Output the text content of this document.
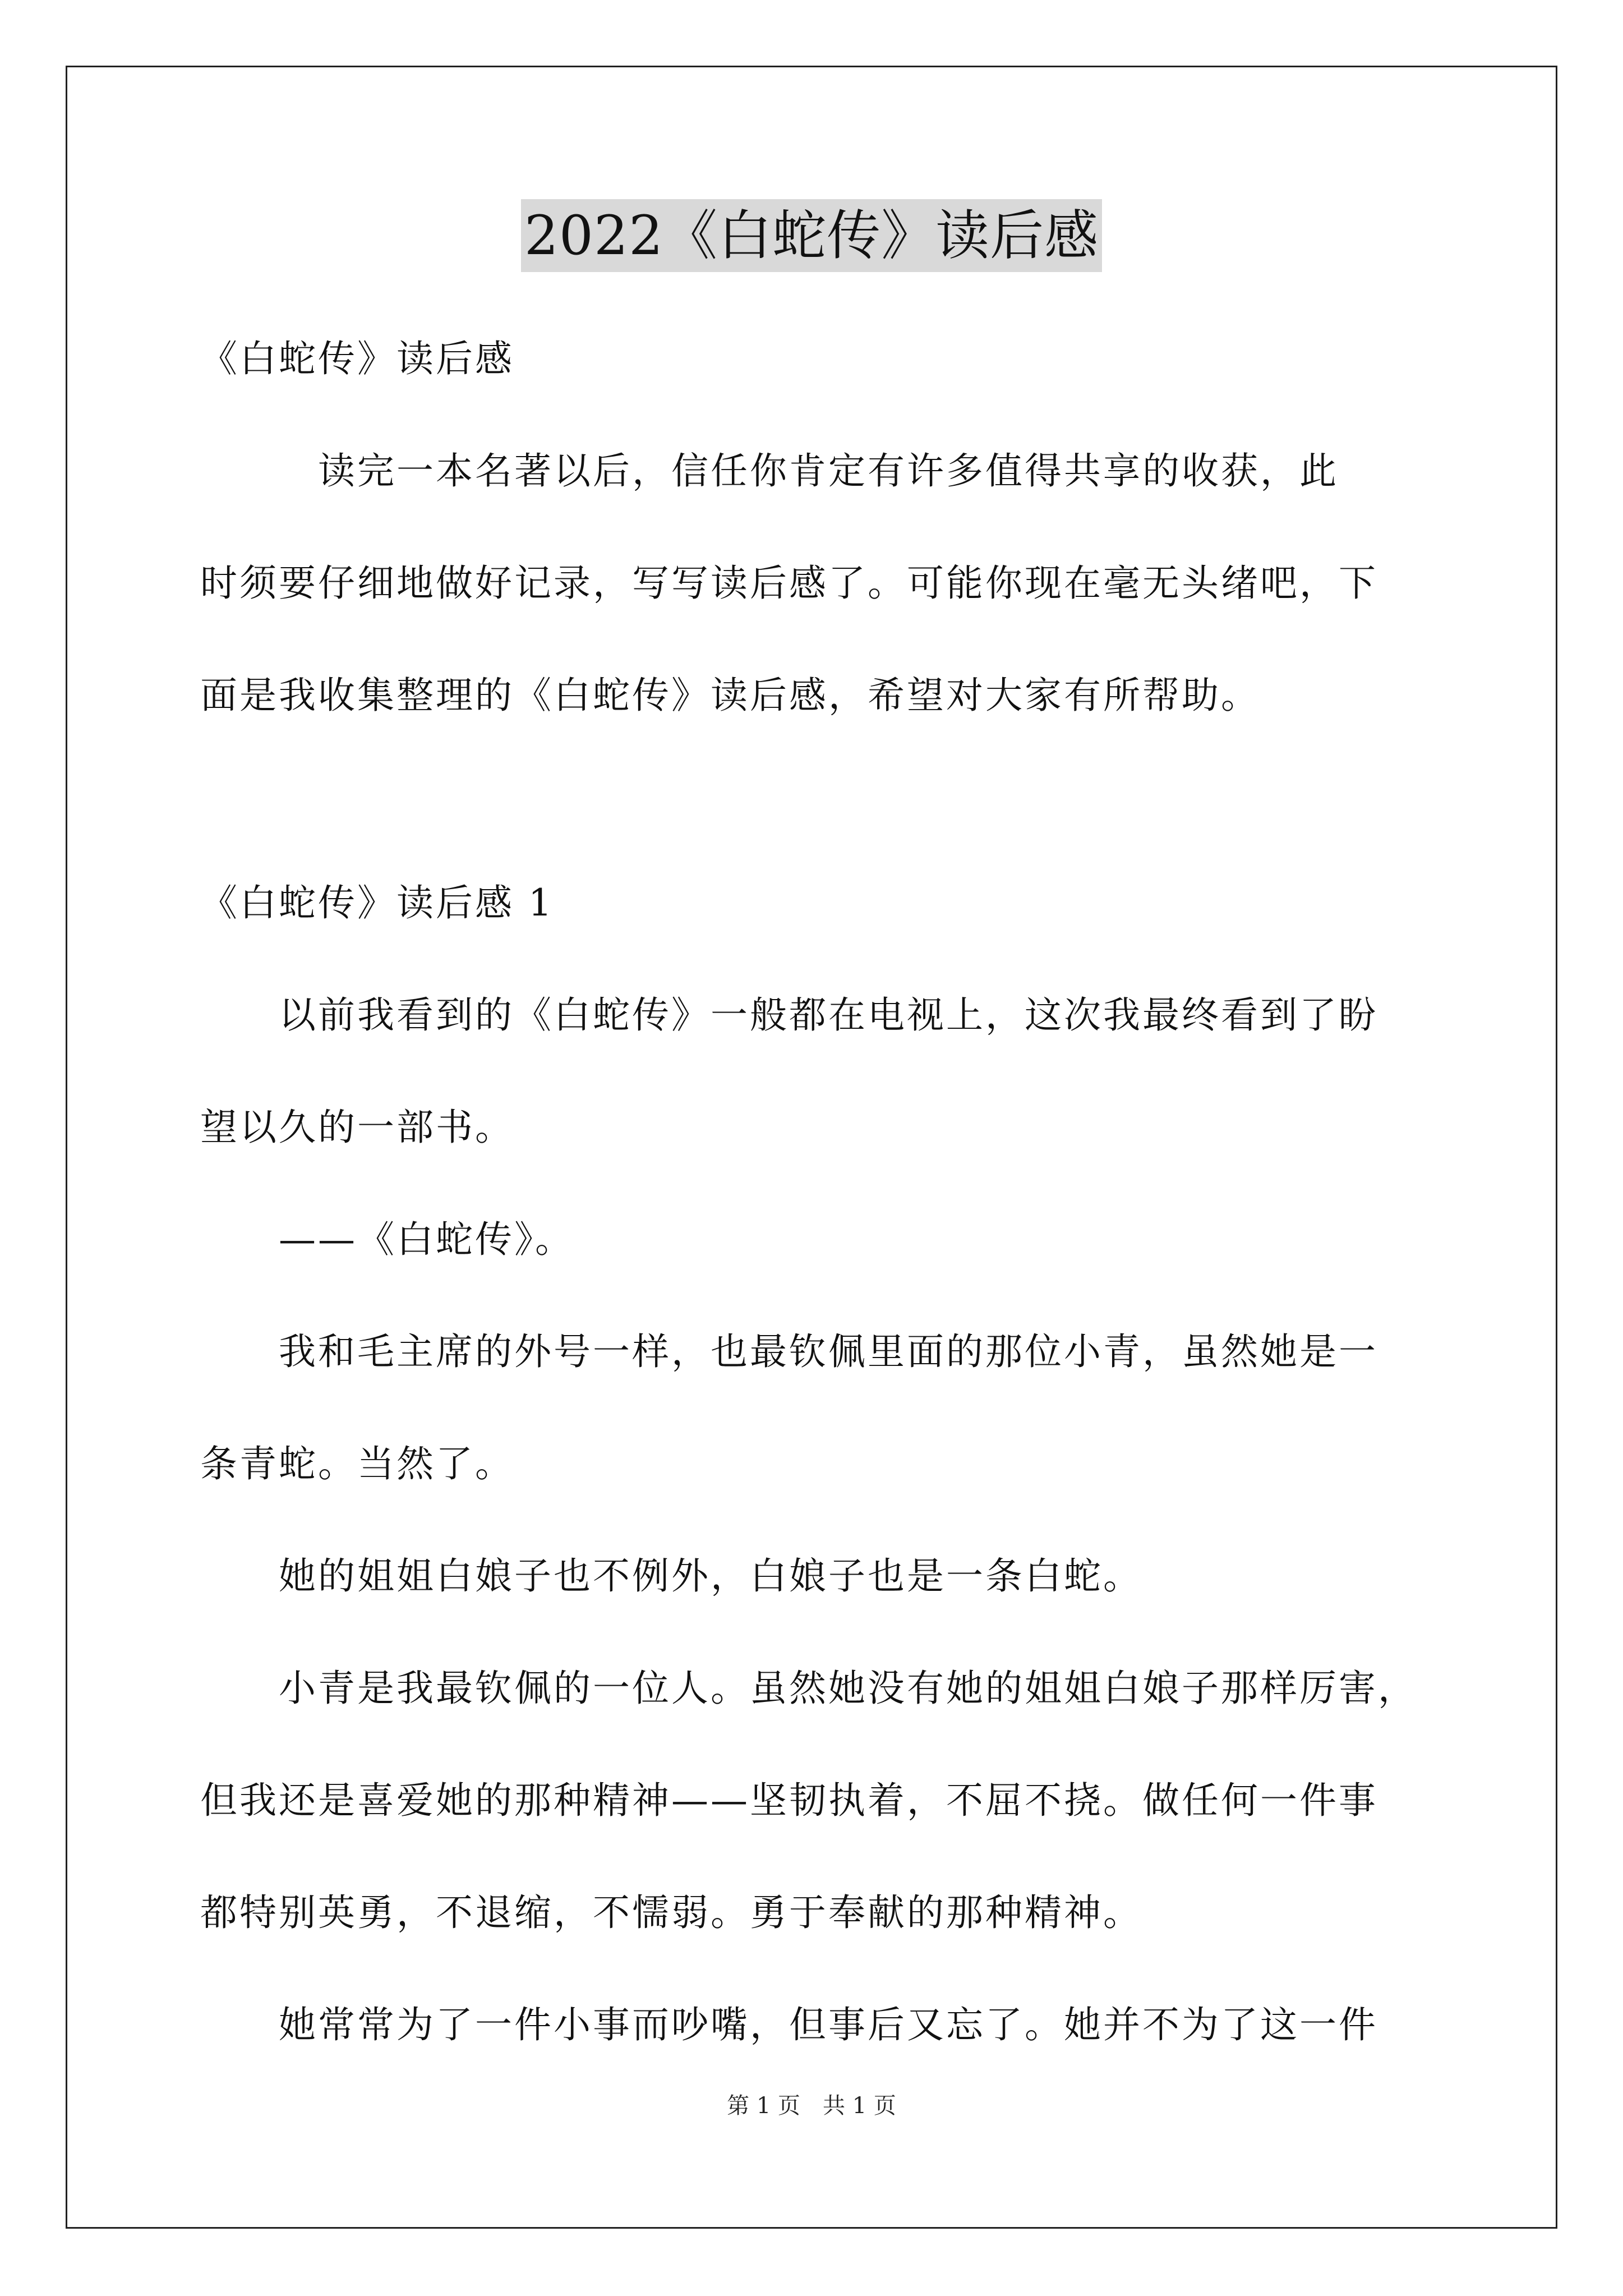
2022《白蛇传》读后感
《白蛇传》读后感
　　　读完一本名著以后，信任你肯定有许多值得共享的收获，此
时须要仔细地做好记录，写写读后感了。可能你现在毫无头绪吧，下
面是我收集整理的《白蛇传》读后感，希望对大家有所帮助。
《白蛇传》读后感 1
　　以前我看到的《白蛇传》一般都在电视上，这次我最终看到了盼
望以久的一部书。
　　——《白蛇传》。
　　我和毛主席的外号一样，也最钦佩里面的那位小青，虽然她是一
条青蛇。当然了。
　　她的姐姐白娘子也不例外，白娘子也是一条白蛇。
　　小青是我最钦佩的一位人。虽然她没有她的姐姐白娘子那样厉害，
但我还是喜爱她的那种精神——坚韧执着，不屈不挠。做任何一件事
都特别英勇，不退缩，不懦弱。勇于奉献的那种精神。
　　她常常为了一件小事而吵嘴，但事后又忘了。她并不为了这一件
第 1 页　共 1 页
